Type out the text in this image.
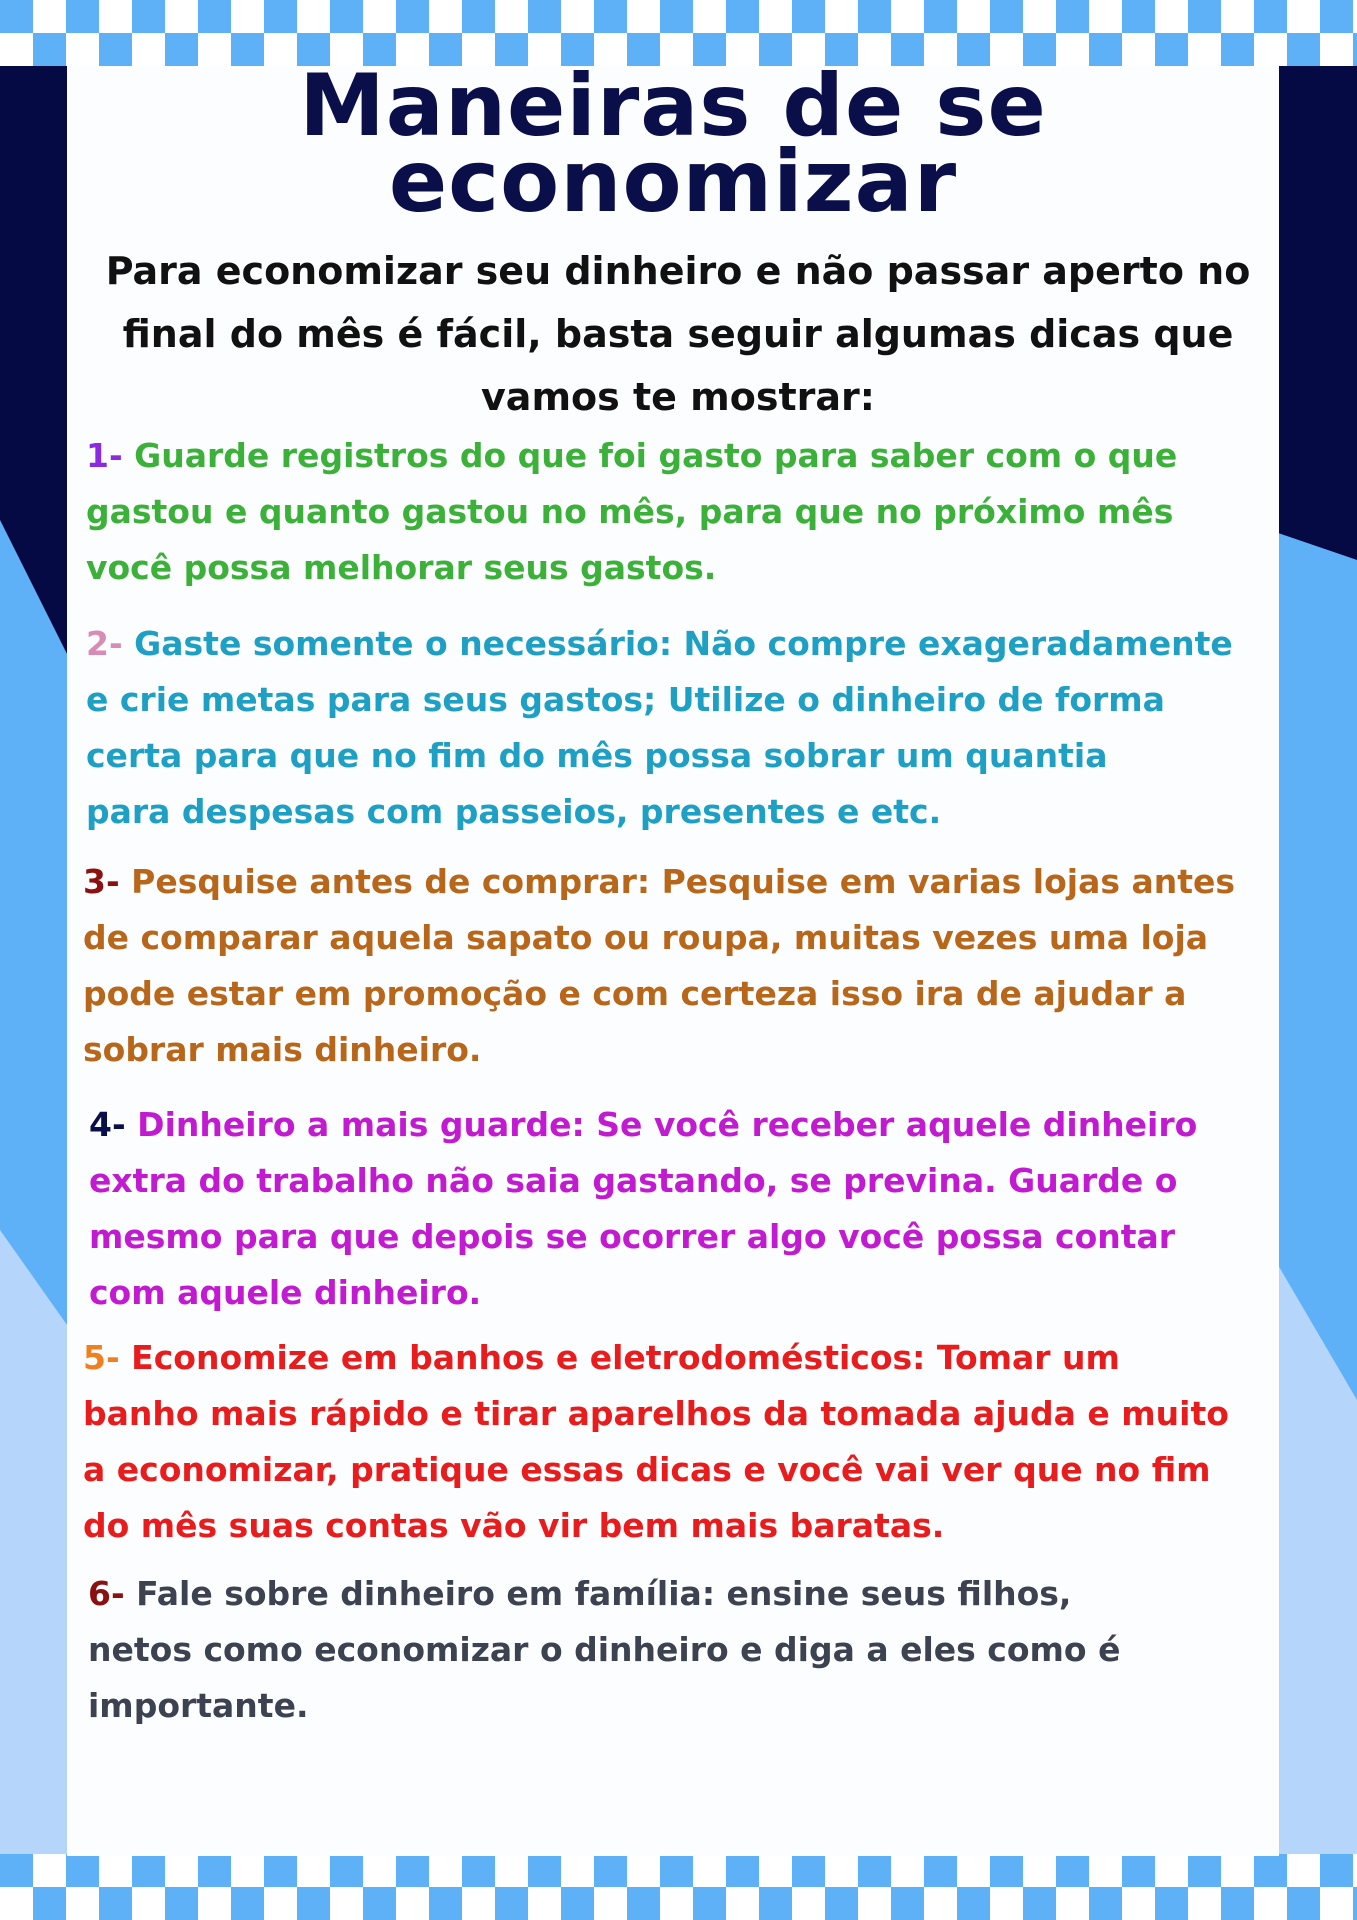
Maneiras de se
economizar

Para economizar seu dinheiro e não passar aperto no
final do mês é fácil, basta seguir algumas dicas que
vamos te mostrar:

1- Guarde registros do que foi gasto para saber com o que
gastou e quanto gastou no mês, para que no próximo mês
você possa melhorar seus gastos.

2- Gaste somente o necessário: Não compre exageradamente
e crie metas para seus gastos; Utilize o dinheiro de forma
certa para que no fim do mês possa sobrar um quantia
para despesas com passeios, presentes e etc.

3- Pesquise antes de comprar: Pesquise em varias lojas antes
de comparar aquela sapato ou roupa, muitas vezes uma loja
pode estar em promoção e com certeza isso ira de ajudar a
sobrar mais dinheiro.

4- Dinheiro a mais guarde: Se você receber aquele dinheiro
extra do trabalho não saia gastando, se previna. Guarde o
mesmo para que depois se ocorrer algo você possa contar
com aquele dinheiro.

5- Economize em banhos e eletrodomésticos: Tomar um
banho mais rápido e tirar aparelhos da tomada ajuda e muito
a economizar, pratique essas dicas e você vai ver que no fim
do mês suas contas vão vir bem mais baratas.

6- Fale sobre dinheiro em família: ensine seus filhos,
netos como economizar o dinheiro e diga a eles como é
importante.
